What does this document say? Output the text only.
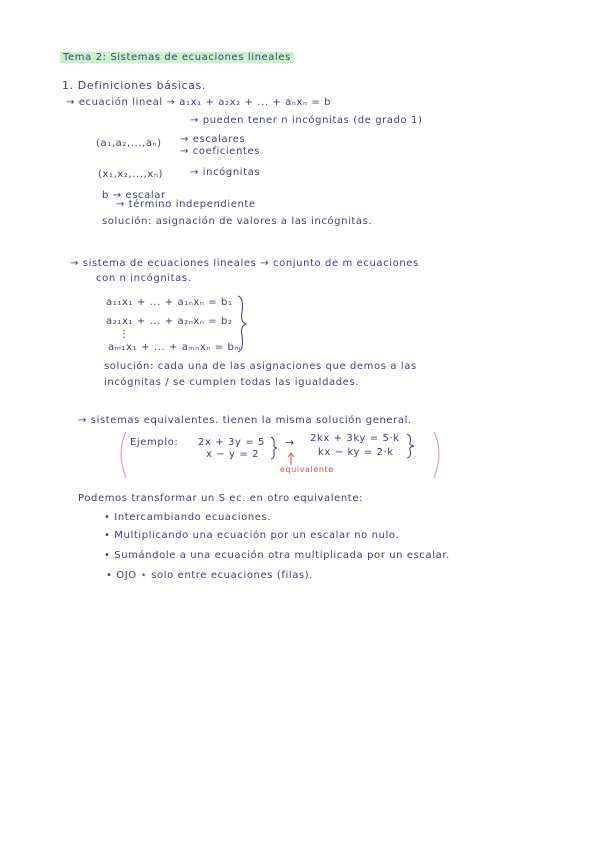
Tema 2: Sistemas de ecuaciones lineales
1. Definiciones básicas.
→ ecuación lineal → a₁x₁ + a₂x₂ + ... + aₙxₙ = b
→ pueden tener n incógnitas (de grado 1)
(a₁,a₂,...,aₙ) → escalares
→ coeficientes
(x₁,x₂,...,xₙ)	→ incógnitas
b → escalar
→ término independiente
solución: asignación de valores a las incógnitas.
→ sistema de ecuaciones lineales → conjunto de m ecuaciones
con n incógnitas.
a₁₁x₁ + ... + a₁ₙxₙ = b₁
a₂₁x₁ + ... + a₂ₙxₙ = b₂
⋮
aₘ₁x₁ + ... + aₘₙxₙ = bₘ
solución: cada una de las asignaciones que demos a las
incógnitas / se cumplen todas las igualdades.
→ sistemas equivalentes. tienen la misma solución general.
Ejemplo: 2x + 3y = 5
x − y = 2
→
equivalente
2kx + 3ky = 5·k
kx − ky = 2·k
Podemos transformar un S ec. en otro equivalente:
• Intercambiando ecuaciones.
• Multiplicando una ecuación por un escalar no nulo.
• Sumándole a una ecuación otra multiplicada por un escalar.
• OJO ⋆ solo entre ecuaciones (filas).
